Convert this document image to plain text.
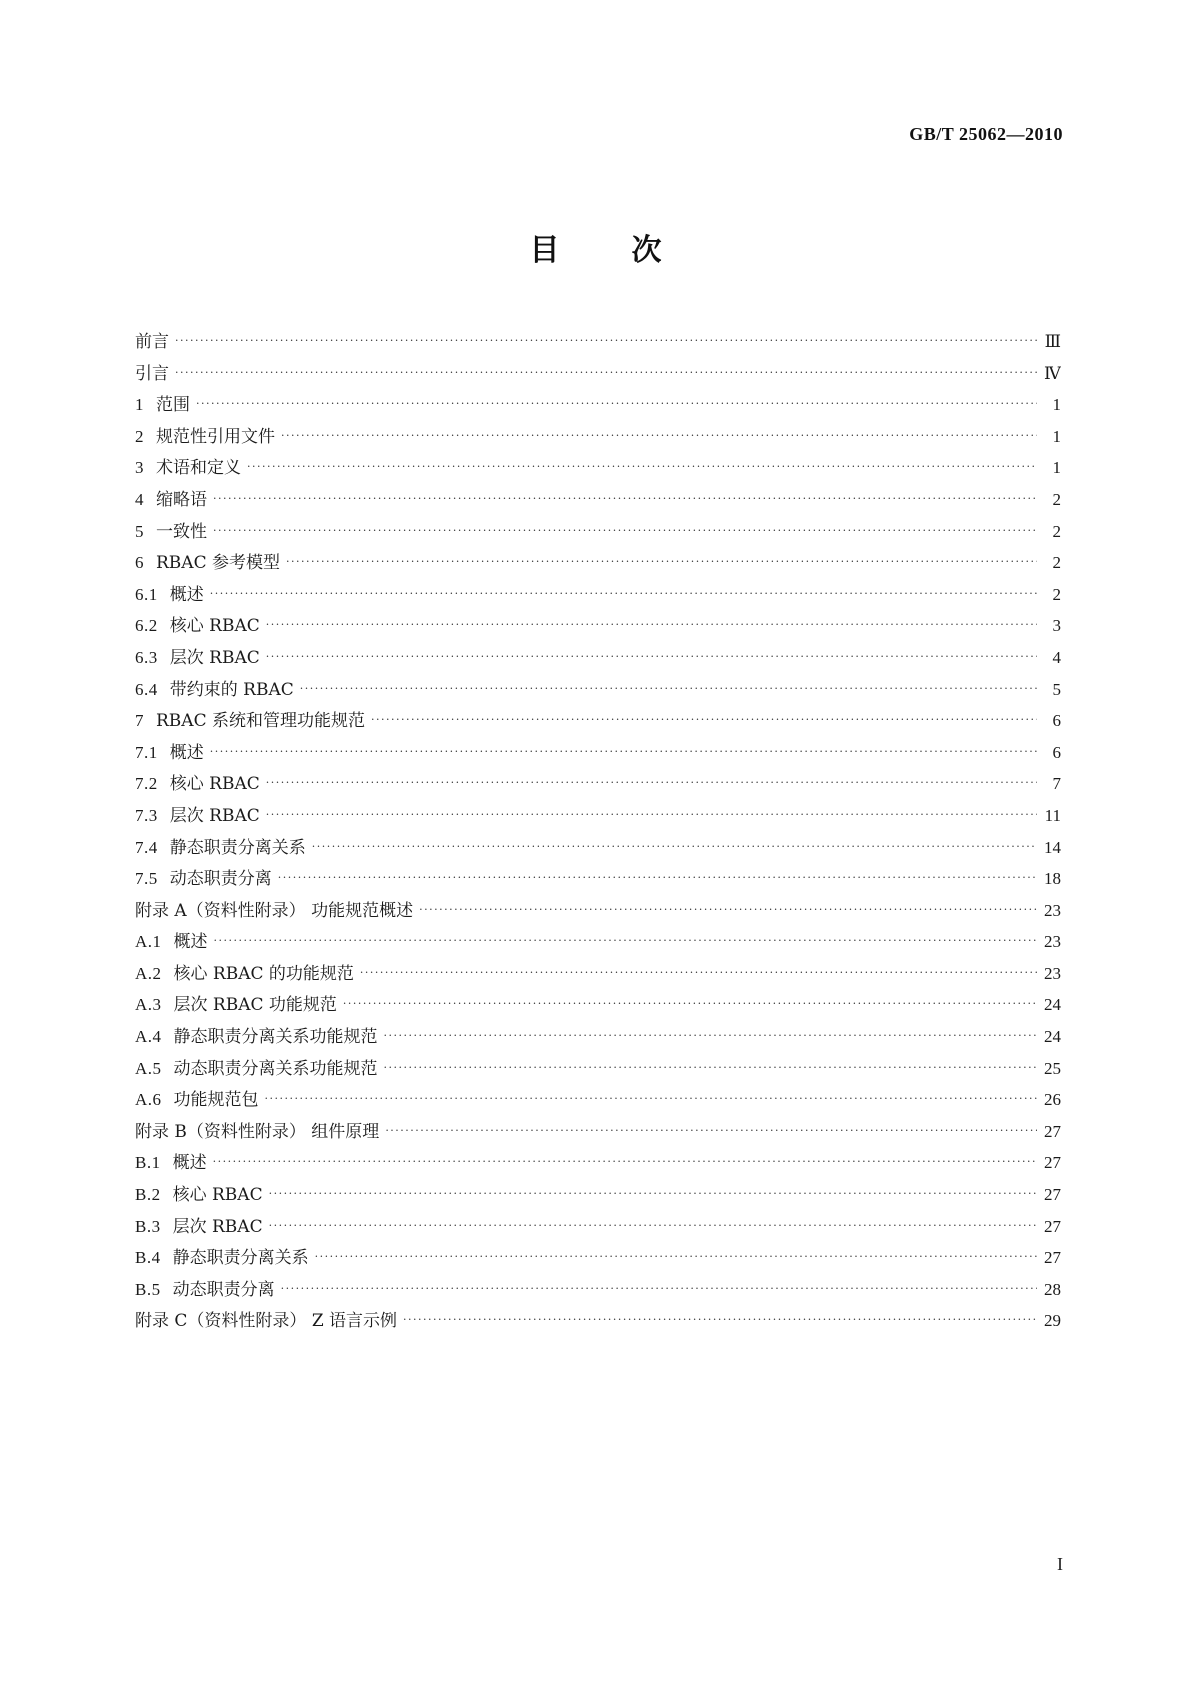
GB/T 25062—2010
目次
前言 ·····	Ⅲ
引言 ·····	Ⅳ
1 范围 ·····	1
2 规范性引用文件 ·····	1
3 术语和定义 ·····	1
4 缩略语 ·····	2
5 一致性 ·····	2
6 RBAC 参考模型 ·····	2
6.1 概述 ·····	2
6.2 核心 RBAC ·····	3
6.3 层次 RBAC ·····	4
6.4 带约束的 RBAC ·····	5
7 RBAC 系统和管理功能规范 ·····	6
7.1 概述 ·····	6
7.2 核心 RBAC ·····	7
7.3 层次 RBAC ·····	11
7.4 静态职责分离关系 ·····	14
7.5 动态职责分离 ·····	18
附录 A（资料性附录） 功能规范概述 ·····	23
A.1 概述 ·····	23
A.2 核心 RBAC 的功能规范 ·····	23
A.3 层次 RBAC 功能规范 ·····	24
A.4 静态职责分离关系功能规范 ·····	24
A.5 动态职责分离关系功能规范 ·····	25
A.6 功能规范包 ·····	26
附录 B（资料性附录） 组件原理 ·····	27
B.1 概述 ·····	27
B.2 核心 RBAC ·····	27
B.3 层次 RBAC ·····	27
B.4 静态职责分离关系 ·····	27
B.5 动态职责分离 ·····	28
附录 C（资料性附录） Z 语言示例 ·····	29
I
